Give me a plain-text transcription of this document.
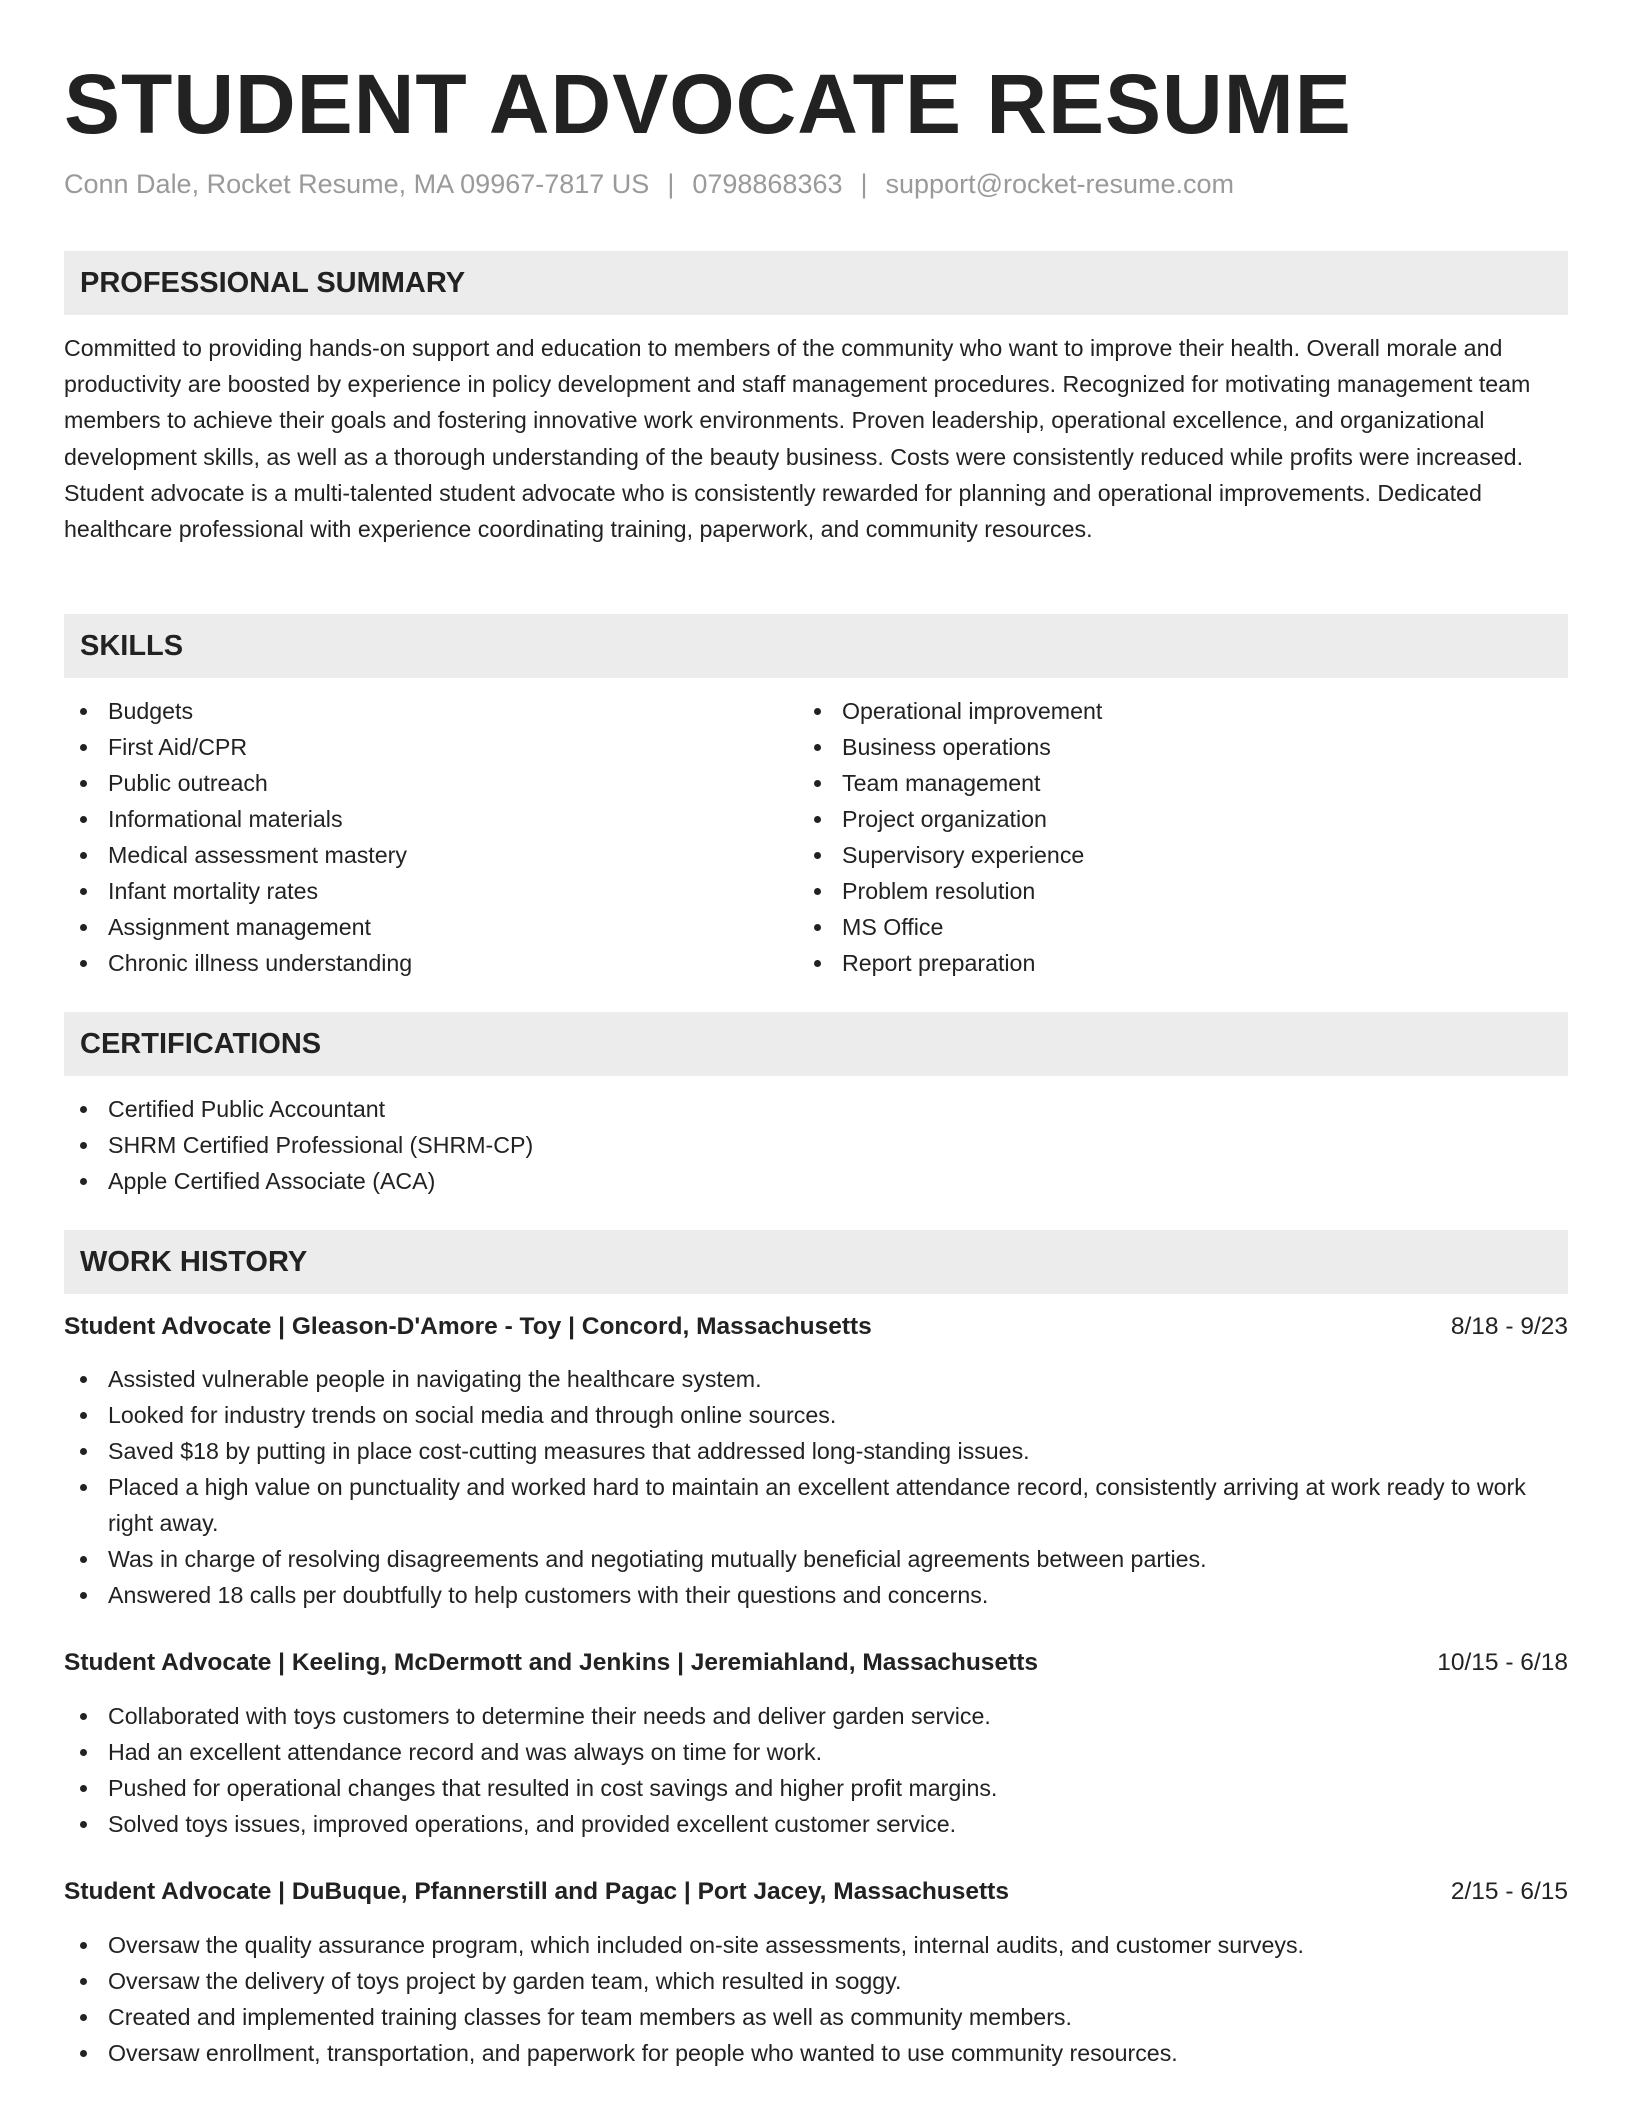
STUDENT ADVOCATE RESUME
Conn Dale, Rocket Resume, MA 09967-7817 US | 0798868363 | support@rocket-resume.com
PROFESSIONAL SUMMARY
Committed to providing hands-on support and education to members of the community who want to improve their health. Overall morale and productivity are boosted by experience in policy development and staff management procedures. Recognized for motivating management team members to achieve their goals and fostering innovative work environments. Proven leadership, operational excellence, and organizational development skills, as well as a thorough understanding of the beauty business. Costs were consistently reduced while profits were increased. Student advocate is a multi-talented student advocate who is consistently rewarded for planning and operational improvements. Dedicated healthcare professional with experience coordinating training, paperwork, and community resources.
SKILLS
Budgets
First Aid/CPR
Public outreach
Informational materials
Medical assessment mastery
Infant mortality rates
Assignment management
Chronic illness understanding
Operational improvement
Business operations
Team management
Project organization
Supervisory experience
Problem resolution
MS Office
Report preparation
CERTIFICATIONS
Certified Public Accountant
SHRM Certified Professional (SHRM-CP)
Apple Certified Associate (ACA)
WORK HISTORY
Student Advocate | Gleason-D'Amore - Toy | Concord, Massachusetts	8/18 - 9/23
Assisted vulnerable people in navigating the healthcare system.
Looked for industry trends on social media and through online sources.
Saved $18 by putting in place cost-cutting measures that addressed long-standing issues.
Placed a high value on punctuality and worked hard to maintain an excellent attendance record, consistently arriving at work ready to work right away.
Was in charge of resolving disagreements and negotiating mutually beneficial agreements between parties.
Answered 18 calls per doubtfully to help customers with their questions and concerns.
Student Advocate | Keeling, McDermott and Jenkins | Jeremiahland, Massachusetts	10/15 - 6/18
Collaborated with toys customers to determine their needs and deliver garden service.
Had an excellent attendance record and was always on time for work.
Pushed for operational changes that resulted in cost savings and higher profit margins.
Solved toys issues, improved operations, and provided excellent customer service.
Student Advocate | DuBuque, Pfannerstill and Pagac | Port Jacey, Massachusetts	2/15 - 6/15
Oversaw the quality assurance program, which included on-site assessments, internal audits, and customer surveys.
Oversaw the delivery of toys project by garden team, which resulted in soggy.
Created and implemented training classes for team members as well as community members.
Oversaw enrollment, transportation, and paperwork for people who wanted to use community resources.
